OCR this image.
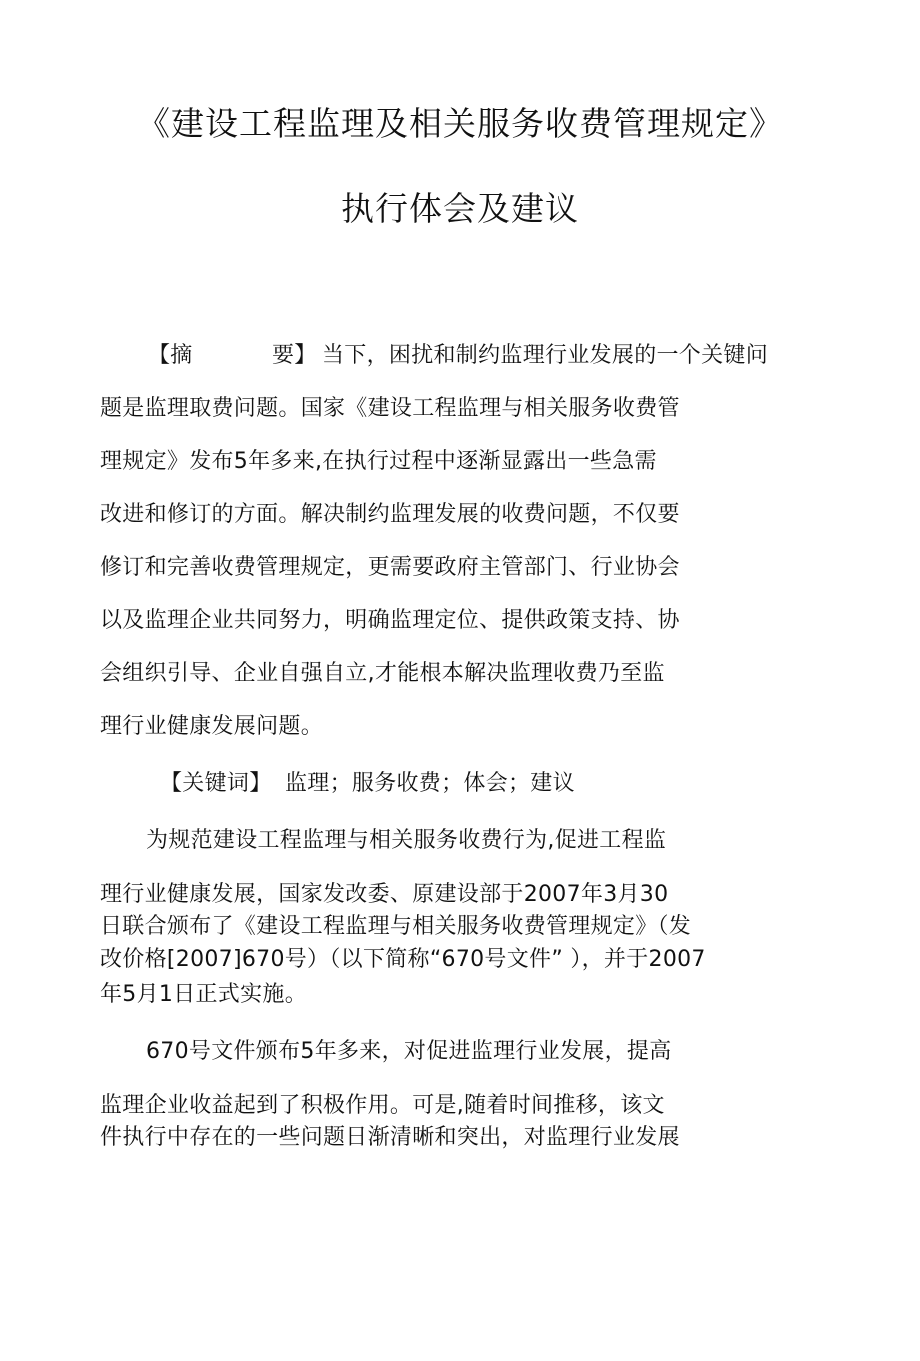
《建设工程监理及相关服务收费管理规定》
执行体会及建议
【摘	要】 当下，困扰和制约监理行业发展的一个关键问
题是监理取费问题。国家《建设工程监理与相关服务收费管
理规定》发布5年多来,在执行过程中逐渐显露出一些急需
改进和修订的方面。解决制约监理发展的收费问题，不仅要
修订和完善收费管理规定，更需要政府主管部门、行业协会
以及监理企业共同努力，明确监理定位、提供政策支持、协
会组织引导、企业自强自立,才能根本解决监理收费乃至监
理行业健康发展问题。
【关键词】 监理；服务收费；体会；建议
为规范建设工程监理与相关服务收费行为,促进工程监
理行业健康发展，国家发改委、原建设部于2007年3月30
日联合颁布了《建设工程监理与相关服务收费管理规定》（发
改价格[2007]670号）（以下简称“670号文件” ），并于2007
年5月1日正式实施。
670号文件颁布5年多来，对促进监理行业发展，提高
监理企业收益起到了积极作用。可是,随着时间推移，该文
件执行中存在的一些问题日渐清晰和突出，对监理行业发展
